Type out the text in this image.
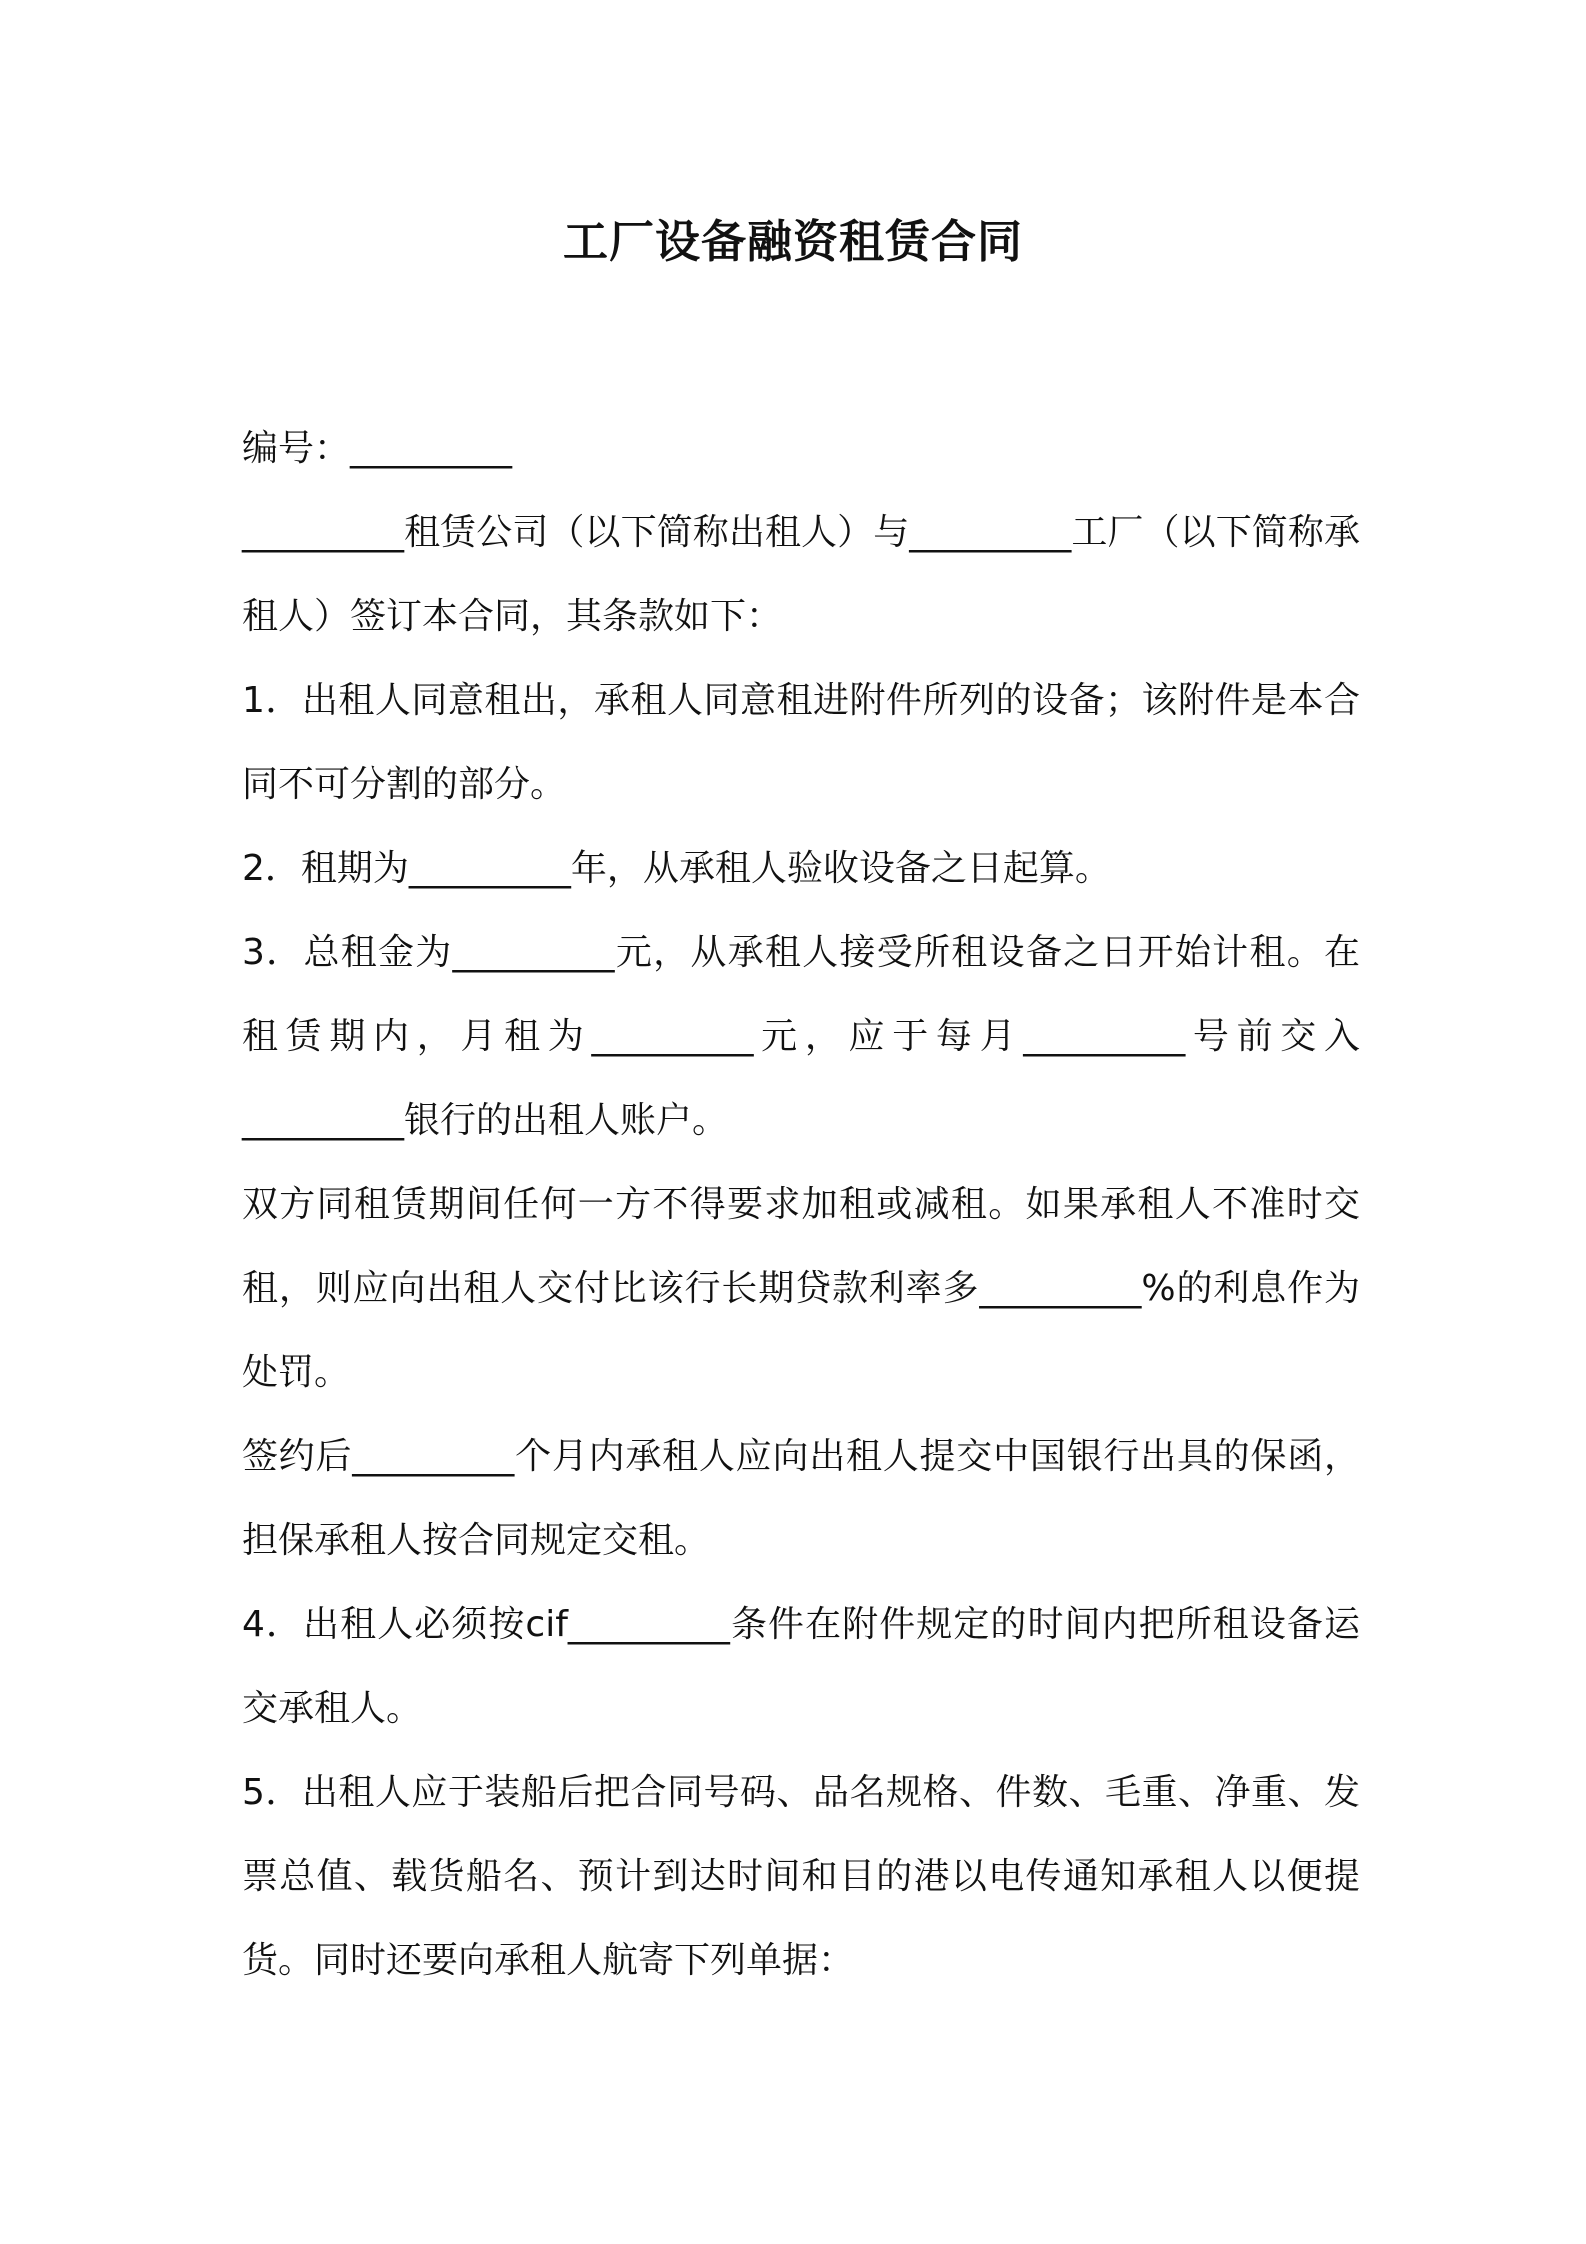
工厂设备融资租赁合同

编号：_________

_________租赁公司（以下简称出租人）与_________工厂（以下简称承租人）签订本合同，其条款如下：

1．出租人同意租出，承租人同意租进附件所列的设备；该附件是本合同不可分割的部分。

2．租期为_________年，从承租人验收设备之日起算。

3．总租金为_________元，从承租人接受所租设备之日开始计租。在租赁期内，月租为_________元，应于每月_________号前交入_________银行的出租人账户。

双方同租赁期间任何一方不得要求加租或减租。如果承租人不准时交租，则应向出租人交付比该行长期贷款利率多_________%的利息作为处罚。

签约后_________个月内承租人应向出租人提交中国银行出具的保函，担保承租人按合同规定交租。

4．出租人必须按cif_________条件在附件规定的时间内把所租设备运交承租人。

5．出租人应于装船后把合同号码、品名规格、件数、毛重、净重、发票总值、载货船名、预计到达时间和目的港以电传通知承租人以便提货。同时还要向承租人航寄下列单据：
